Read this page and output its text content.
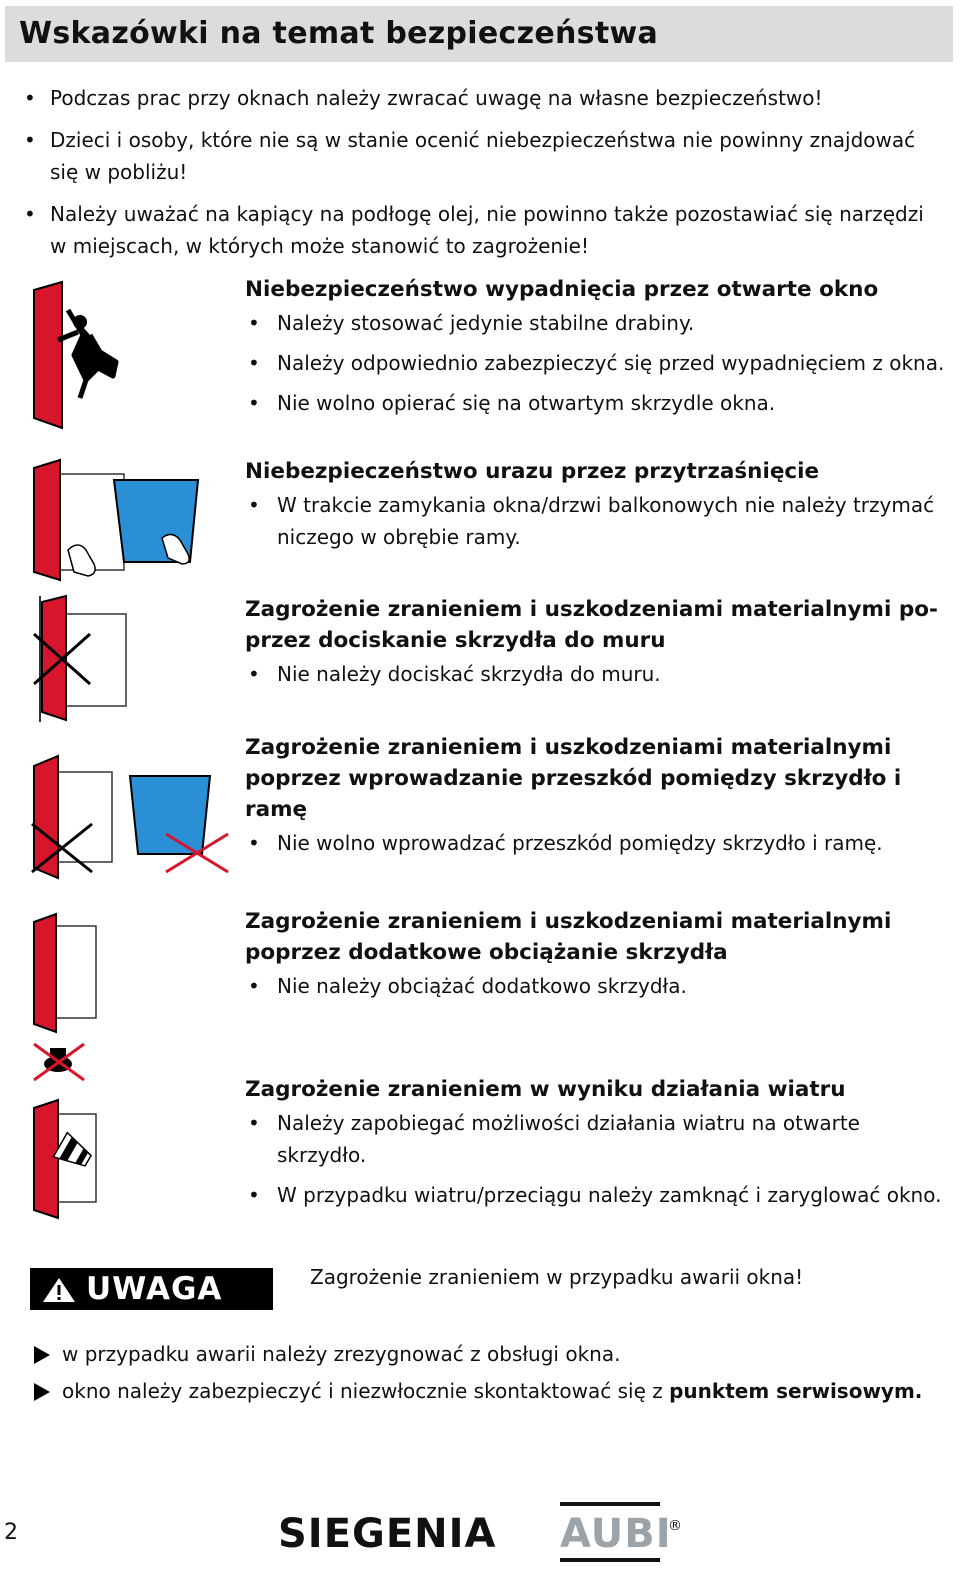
Wskazówki na temat bezpieczeństwa
• Podczas prac przy oknach należy zwracać uwagę na własne bezpieczeństwo!
• Dzieci i osoby, które nie są w stanie ocenić niebezpieczeństwa nie powinny znajdować się w pobliżu!
• Należy uważać na kapiący na podłogę olej, nie powinno także pozostawiać się narzędzi w miejscach, w których może stanowić to zagrożenie!
Niebezpieczeństwo wypadnięcia przez otwarte okno
• Należy stosować jedynie stabilne drabiny.
• Należy odpowiednio zabezpieczyć się przed wypadnięciem z okna.
• Nie wolno opierać się na otwartym skrzydle okna.
Niebezpieczeństwo urazu przez przytrzaśnięcie
• W trakcie zamykania okna/drzwi balkonowych nie należy trzymać niczego w obrębie ramy.
Zagrożenie zranieniem i uszkodzeniami materialnymi po-przez dociskanie skrzydła do muru
• Nie należy dociskać skrzydła do muru.
Zagrożenie zranieniem i uszkodzeniami materialnymi poprzez wprowadzanie przeszkód pomiędzy skrzydło i ramę
• Nie wolno wprowadzać przeszkód pomiędzy skrzydło i ramę.
Zagrożenie zranieniem i uszkodzeniami materialnymi poprzez dodatkowe obciążanie skrzydła
• Nie należy obciążać dodatkowo skrzydła.
Zagrożenie zranieniem w wyniku działania wiatru
• Należy zapobiegać możliwości działania wiatru na otwarte skrzydło.
• W przypadku wiatru/przeciągu należy zamknąć i zaryglować okno.
UWAGA	Zagrożenie zranieniem w przypadku awarii okna!
w przypadku awarii należy zrezygnować z obsługi okna.
okno należy zabezpieczyć i niezwłocznie skontaktować się z punktem serwisowym.
2	SIEGENIA AUBI
®
